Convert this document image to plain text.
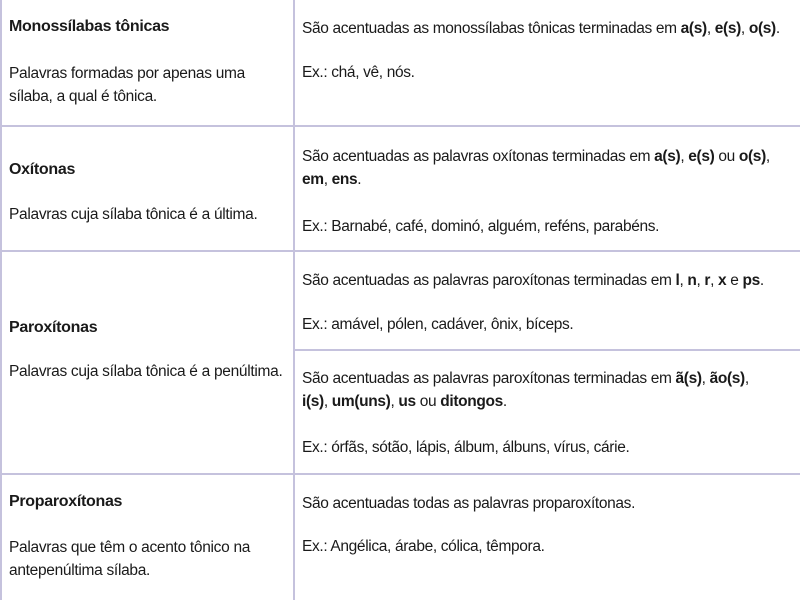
Monossílabas tônicas
Palavras formadas por apenas uma sílaba, a qual é tônica.
São acentuadas as monossílabas tônicas terminadas em a(s), e(s), o(s).
Ex.: chá, vê, nós.
Oxítonas
Palavras cuja sílaba tônica é a última.
São acentuadas as palavras oxítonas terminadas em a(s), e(s) ou o(s),
em, ens.
Ex.: Barnabé, café, dominó, alguém, reféns, parabéns.
Paroxítonas
Palavras cuja sílaba tônica é a penúltima.
São acentuadas as palavras paroxítonas terminadas em l, n, r, x e ps.
Ex.: amável, pólen, cadáver, ônix, bíceps.
São acentuadas as palavras paroxítonas terminadas em ã(s), ão(s),
i(s), um(uns), us ou ditongos.
Ex.: órfãs, sótão, lápis, álbum, álbuns, vírus, cárie.
Proparoxítonas
Palavras que têm o acento tônico na antepenúltima sílaba.
São acentuadas todas as palavras proparoxítonas.
Ex.: Angélica, árabe, cólica, têmpora.
